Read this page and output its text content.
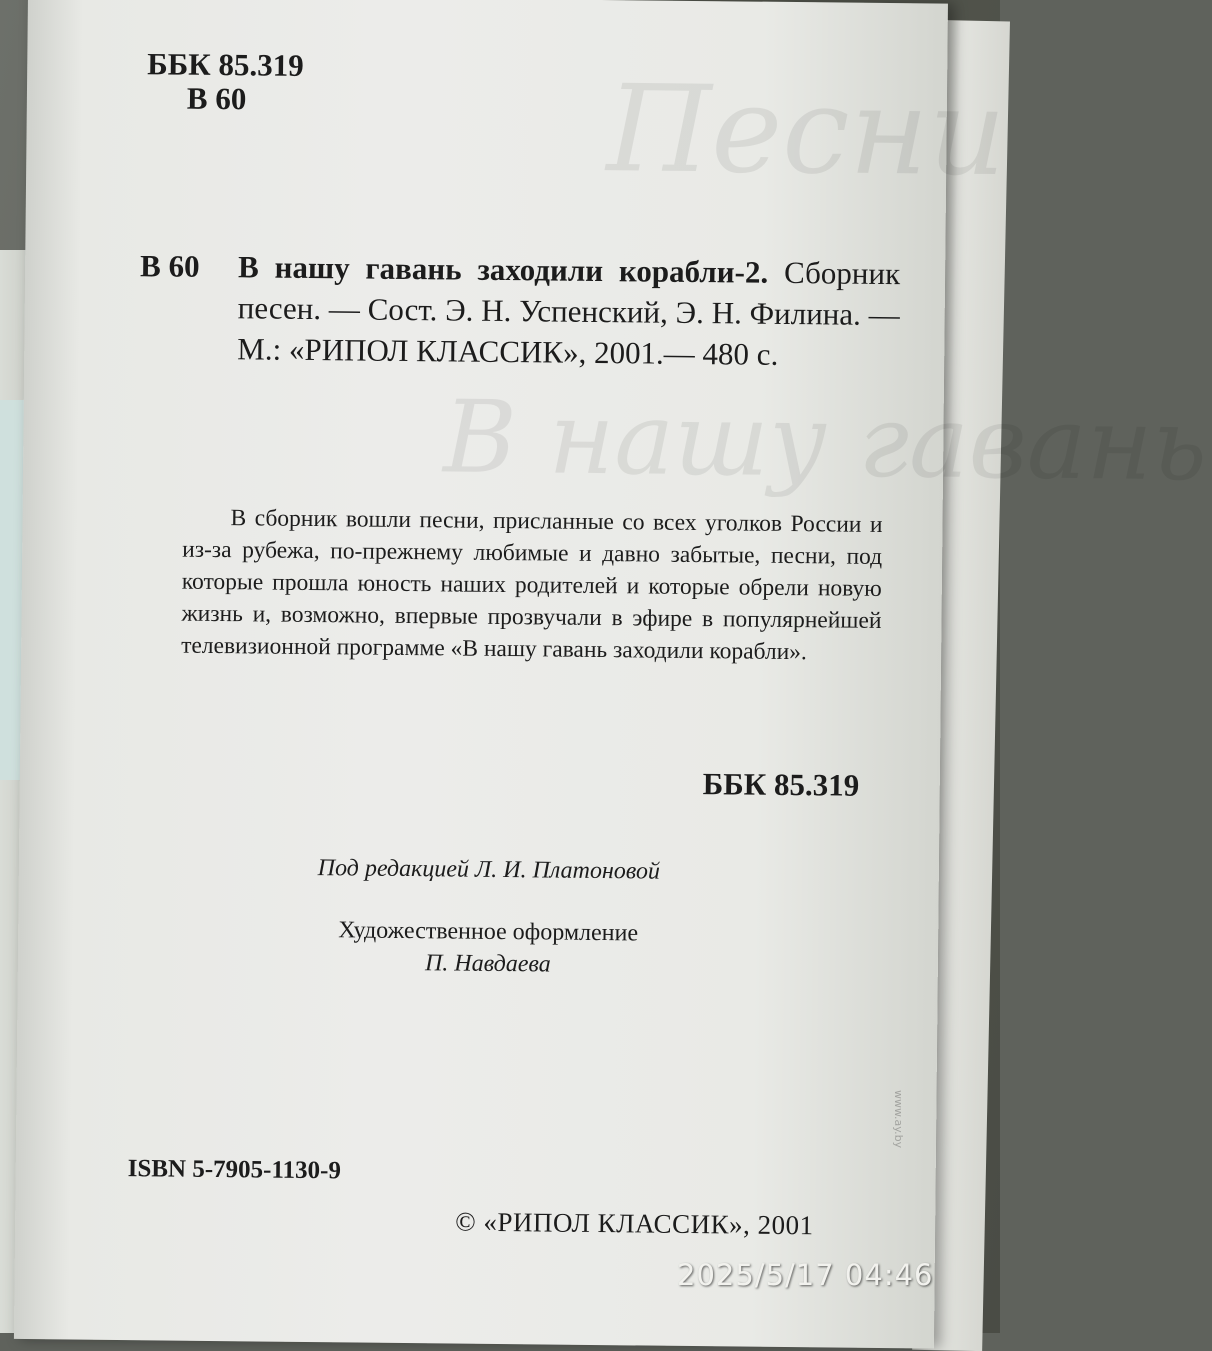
Песни
В нашу гавань
ББК 85.319
В 60
В 60 В нашу гавань заходили корабли-2. Сборник песен. — Сост. Э. Н. Успенский, Э. Н. Филина. — М.: «РИПОЛ КЛАССИК», 2001.— 480 с.
В сборник вошли песни, присланные со всех уголков России и из-за рубежа, по-прежнему любимые и давно забытые, песни, под которые прошла юность наших родителей и которые обрели новую жизнь и, возможно, впервые прозвучали в эфире в популярнейшей телевизионной программе «В нашу гавань заходили корабли».
ББК 85.319
Под редакцией Л. И. Платоновой
Художественное оформление
П. Навдаева
ISBN 5-7905-1130-9
© «РИПОЛ КЛАССИК», 2001
www.ay.by
2025/5/17 04:46
